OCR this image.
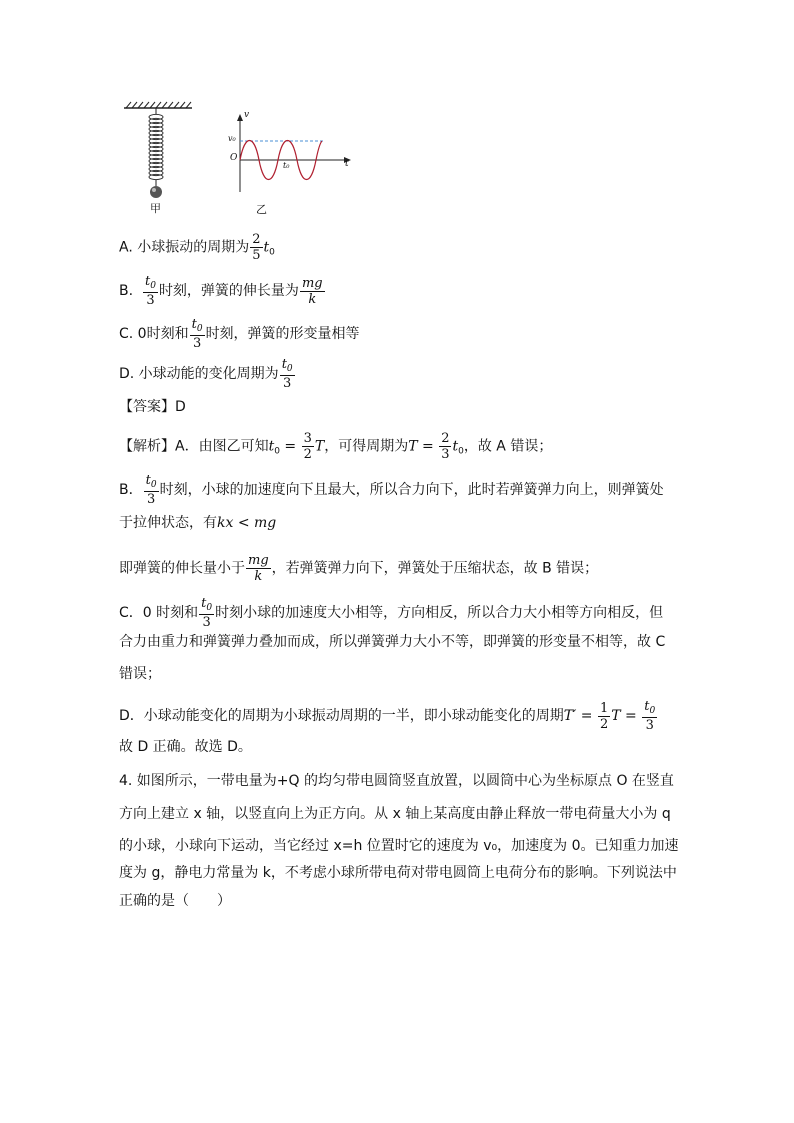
甲
v
t
O
v₀
t₀
乙
A. 小球振动的周期为 $\frac{2}{5} t_0$
B. $\frac{t_0}{3}$ 时刻，弹簧的伸长量为 $\frac{mg}{k}$
C. 0时刻和 $\frac{t_0}{3}$ 时刻，弹簧的形变量相等
D. 小球动能的变化周期为 $\frac{t_0}{3}$
【答案】D
【解析】A．由图乙可知$t_0 = \frac{3}{2}$ T，可得周期为$T = \frac{2}{3} t_0$，故 A 错误；
B． $\frac{t_0}{3}$ 时刻，小球的加速度向下且最大，所以合力向下，此时若弹簧弹力向上，则弹簧处
于拉伸状态，有kx < mg
即弹簧的伸长量小于 $\frac{mg}{k}$ ，若弹簧弹力向下，弹簧处于压缩状态，故 B 错误；
C．0 时刻和 $\frac{t_0}{3}$ 时刻小球的加速度大小相等，方向相反，所以合力大小相等方向相反，但
合力由重力和弹簧弹力叠加而成，所以弹簧弹力大小不等，即弹簧的形变量不相等，故 C
错误；
D．小球动能变化的周期为小球振动周期的一半，即小球动能变化的周期$T' = \frac{1}{2}$ $T = \frac{t_0}{3}$
故 D 正确。故选 D。
4. 如图所示，一带电量为+Q 的均匀带电圆筒竖直放置，以圆筒中心为坐标原点 O 在竖直
方向上建立 x 轴，以竖直向上为正方向。从 x 轴上某高度由静止释放一带电荷量大小为 q
的小球，小球向下运动，当它经过 x=h 位置时它的速度为 v₀，加速度为 0。已知重力加速
度为 g，静电力常量为 k，不考虑小球所带电荷对带电圆筒上电荷分布的影响。下列说法中
正确的是（　　）
